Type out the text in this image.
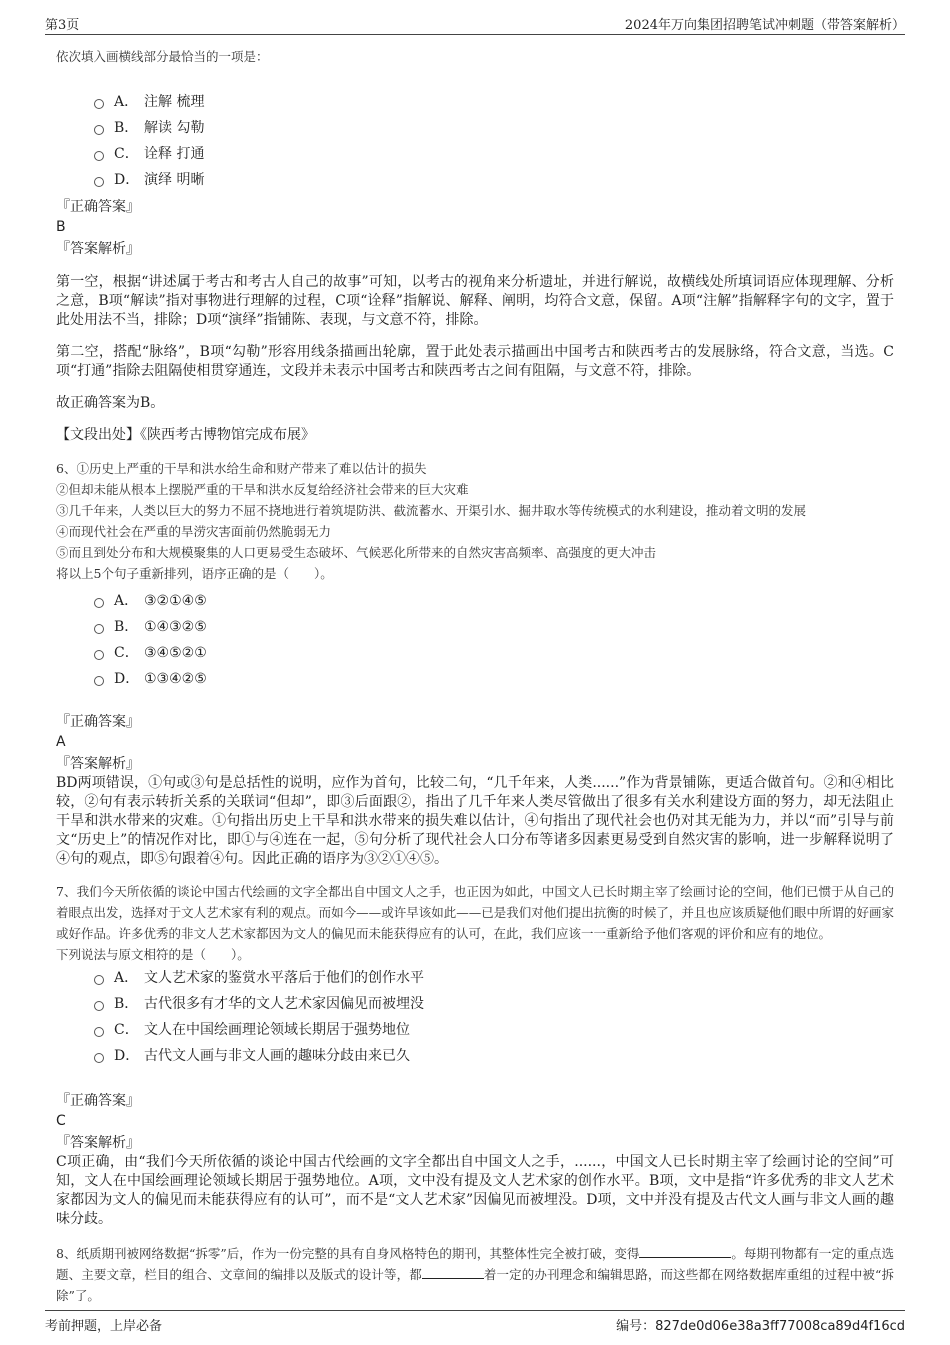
第3页	2024年万向集团招聘笔试冲刺题（带答案解析）
依次填入画横线部分最恰当的一项是：
A． 注解 梳理
B． 解读 勾勒
C． 诠释 打通
D． 演绎 明晰
『正确答案』
B
『答案解析』

第一空，根据“讲述属于考古和考古人自己的故事”可知，以考古的视角来分析遗址，并进行解说，故横线处所填词语应体现理解、分析之意，B项“解读”指对事物进行理解的过程，C项“诠释”指解说、解释、阐明，均符合文意，保留。A项“注解”指解释字句的文字，置于此处用法不当，排除；D项“演绎”指铺陈、表现，与文意不符，排除。

第二空，搭配“脉络”，B项“勾勒”形容用线条描画出轮廓，置于此处表示描画出中国考古和陕西考古的发展脉络，符合文意，当选。C项“打通”指除去阻隔使相贯穿通连，文段并未表示中国考古和陕西考古之间有阻隔，与文意不符，排除。

故正确答案为B。

【文段出处】《陕西考古博物馆完成布展》

6、①历史上严重的干旱和洪水给生命和财产带来了难以估计的损失
②但却未能从根本上摆脱严重的干旱和洪水反复给经济社会带来的巨大灾难
③几千年来，人类以巨大的努力不屈不挠地进行着筑堤防洪、截流蓄水、开渠引水、掘井取水等传统模式的水利建设，推动着文明的发展
④而现代社会在严重的旱涝灾害面前仍然脆弱无力
⑤而且到处分布和大规模聚集的人口更易受生态破坏、气候恶化所带来的自然灾害高频率、高强度的更大冲击
将以上5个句子重新排列，语序正确的是（　　）。
A． ③②①④⑤
B． ①④③②⑤
C． ③④⑤②①
D． ①③④②⑤
『正确答案』
A
『答案解析』

BD两项错误，①句或③句是总括性的说明，应作为首句，比较二句，“几千年来，人类......”作为背景铺陈，更适合做首句。②和④相比较，②句有表示转折关系的关联词“但却”，即③后面跟②，指出了几千年来人类尽管做出了很多有关水利建设方面的努力，却无法阻止干旱和洪水带来的灾难。①句指出历史上干旱和洪水带来的损失难以估计，④句指出了现代社会也仍对其无能为力，并以“而”引导与前文“历史上”的情况作对比，即①与④连在一起，⑤句分析了现代社会人口分布等诸多因素更易受到自然灾害的影响，进一步解释说明了④句的观点，即⑤句跟着④句。因此正确的语序为③②①④⑤。

7、我们今天所依循的谈论中国古代绘画的文字全都出自中国文人之手，也正因为如此，中国文人已长时期主宰了绘画讨论的空间，他们已惯于从自己的着眼点出发，选择对于文人艺术家有利的观点。而如今——或许早该如此——已是我们对他们提出抗衡的时候了，并且也应该质疑他们眼中所谓的好画家或好作品。许多优秀的非文人艺术家都因为文人的偏见而未能获得应有的认可，在此，我们应该一一重新给予他们客观的评价和应有的地位。
下列说法与原文相符的是（　　）。
A． 文人艺术家的鉴赏水平落后于他们的创作水平
B． 古代很多有才华的文人艺术家因偏见而被埋没
C． 文人在中国绘画理论领域长期居于强势地位
D． 古代文人画与非文人画的趣味分歧由来已久
『正确答案』
C
『答案解析』

C项正确，由“我们今天所依循的谈论中国古代绘画的文字全都出自中国文人之手，......，中国文人已长时期主宰了绘画讨论的空间”可知，文人在中国绘画理论领域长期居于强势地位。A项，文中没有提及文人艺术家的创作水平。B项，文中是指“许多优秀的非文人艺术家都因为文人的偏见而未能获得应有的认可”，而不是“文人艺术家”因偏见而被埋没。D项，文中并没有提及古代文人画与非文人画的趣味分歧。

8、纸质期刊被网络数据“拆零”后，作为一份完整的具有自身风格特色的期刊，其整体性完全被打破，变得	。每期刊物都有一定的重点选题、主要文章，栏目的组合、文章间的编排以及版式的设计等，都	着一定的办刊理念和编辑思路，而这些都在网络数据库重组的过程中被“拆除”了。
考前押题，上岸必备	编号：827de0d06e38a3ff77008ca89d4f16cd
